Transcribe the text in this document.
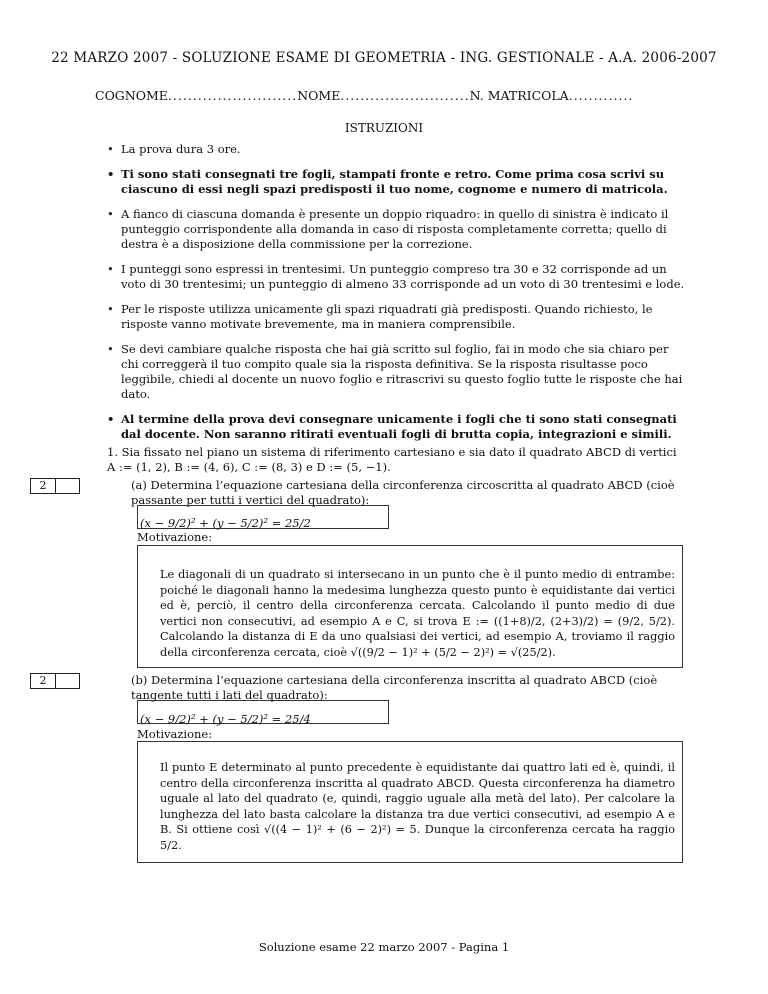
22 MARZO 2007 - SOLUZIONE ESAME DI GEOMETRIA - ING. GESTIONALE - A.A. 2006-2007
COGNOME..........................NOME..........................N. MATRICOLA.............
ISTRUZIONI
• La prova dura 3 ore.
• Ti sono stati consegnati tre fogli, stampati fronte e retro. Come prima cosa scrivi su ciascuno di essi negli spazi predisposti il tuo nome, cognome e numero di matricola.
• A fianco di ciascuna domanda è presente un doppio riquadro: in quello di sinistra è indicato il punteggio corrispondente alla domanda in caso di risposta completamente corretta; quello di destra è a disposizione della commissione per la correzione.
• I punteggi sono espressi in trentesimi. Un punteggio compreso tra 30 e 32 corrisponde ad un voto di 30 trentesimi; un punteggio di almeno 33 corrisponde ad un voto di 30 trentesimi e lode.
• Per le risposte utilizza unicamente gli spazi riquadrati già predisposti. Quando richiesto, le risposte vanno motivate brevemente, ma in maniera comprensibile.
• Se devi cambiare qualche risposta che hai già scritto sul foglio, fai in modo che sia chiaro per chi correggerà il tuo compito quale sia la risposta definitiva. Se la risposta risultasse poco leggibile, chiedi al docente un nuovo foglio e ritrascrivi su questo foglio tutte le risposte che hai dato.
• Al termine della prova devi consegnare unicamente i fogli che ti sono stati consegnati dal docente. Non saranno ritirati eventuali fogli di brutta copia, integrazioni e simili.
1. Sia fissato nel piano un sistema di riferimento cartesiano e sia dato il quadrato ABCD di vertici A := (1, 2), B := (4, 6), C := (8, 3) e D := (5, −1).
2	(a) Determina l’equazione cartesiana della circonferenza circoscritta al quadrato ABCD (cioè passante per tutti i vertici del quadrato):
(x − 9/2)² + (y − 5/2)² = 25/2
Motivazione:
Le diagonali di un quadrato si intersecano in un punto che è il punto medio di entrambe: poiché le diagonali hanno la medesima lunghezza questo punto è equidistante dai vertici ed è, perciò, il centro della circonferenza cercata. Calcolando il punto medio di due vertici non consecutivi, ad esempio A e C, si trova E := ((1+8)/2, (2+3)/2) = (9/2, 5/2). Calcolando la distanza di E da uno qualsiasi dei vertici, ad esempio A, troviamo il raggio della circonferenza cercata, cioè √((9/2 − 1)² + (5/2 − 2)²) = √(25/2).
2	(b) Determina l’equazione cartesiana della circonferenza inscritta al quadrato ABCD (cioè tangente tutti i lati del quadrato):
(x − 9/2)² + (y − 5/2)² = 25/4
Motivazione:
Il punto E determinato al punto precedente è equidistante dai quattro lati ed è, quindi, il centro della circonferenza inscritta al quadrato ABCD. Questa circonferenza ha diametro uguale al lato del quadrato (e, quindi, raggio uguale alla metà del lato). Per calcolare la lunghezza del lato basta calcolare la distanza tra due vertici consecutivi, ad esempio A e B. Si ottiene così √((4 − 1)² + (6 − 2)²) = 5. Dunque la circonferenza cercata ha raggio 5/2.
Soluzione esame 22 marzo 2007 - Pagina 1
